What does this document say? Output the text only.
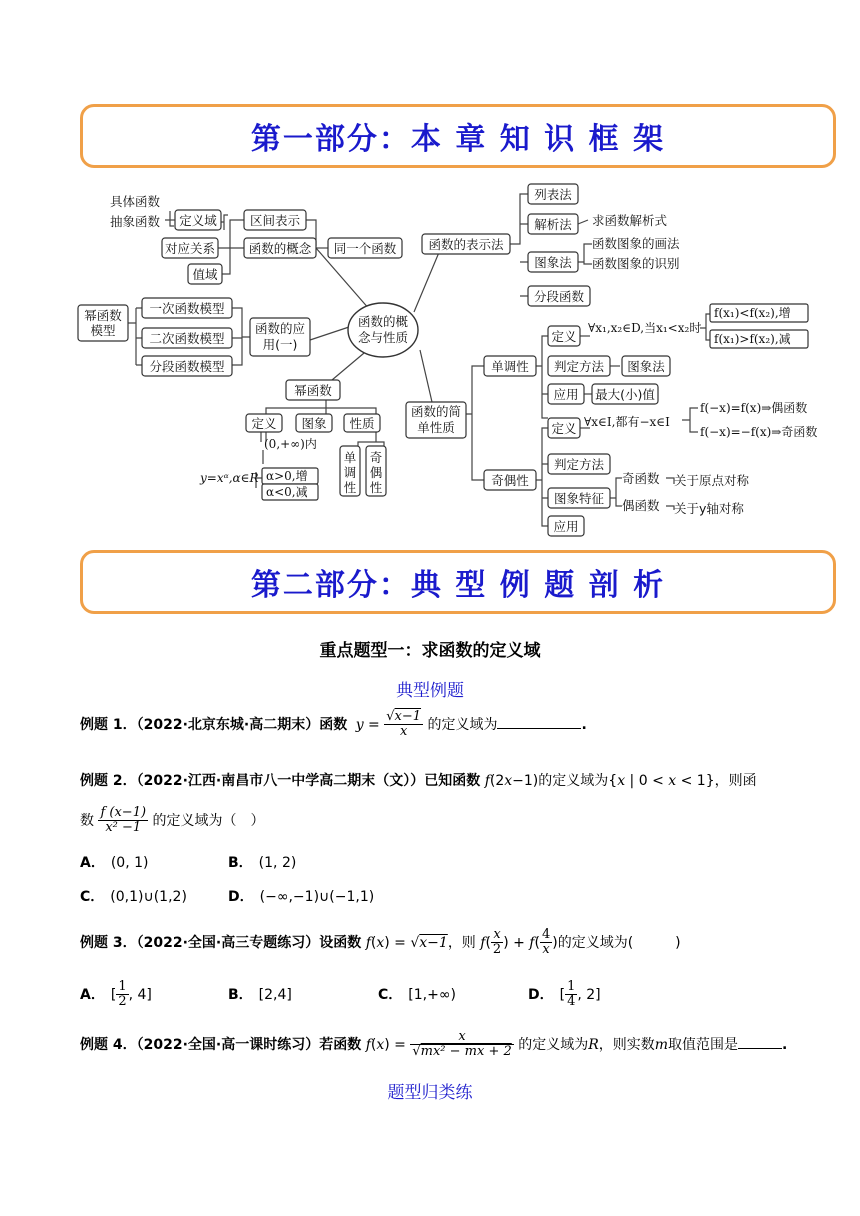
第一部分：本 章 知 识 框 架
函数的概
念与性质
具体函数
抽象函数 定义域	区间表示
对应关系	函数的概念 同一个函数
值域
幂函数
模型
一次函数模型
二次函数模型
分段函数模型
函数的应
用(一)
幂函数
定义 图象 性质
(0,+∞)内
α>0,增
α<0,减
y=xᵅ,α∈R
单
调
性
奇
偶
性
函数的表示法
列表法
解析法 求函数解析式
图象法
函数图象的画法
函数图象的识别
分段函数
函数的简
单性质
单调性
定义
∀x₁,x₂∈D,当x₁<x₂时
f(x₁)<f(x₂),增
f(x₁)>f(x₂),减
判定方法 图象法
应用 最大(小)值
奇偶性
定义 ∀x∈I,都有−x∈I
f(−x)=f(x)⇒偶函数
f(−x)=−f(x)⇒奇函数
判定方法
图象特征
奇函数 关于原点对称
偶函数 关于y轴对称
应用
第二部分：典 型 例 题 剖 析
重点题型一：求函数的定义域
典型例题
例题 1．（2022·北京东城·高二期末）函数 $y = \frac{√x-1}{x}$ 的定义域为	.
例题 2．（2022·江西·南昌市八一中学高二期末（文））已知函数 f(2x−1)的定义域为{x | 0 < x < 1}，则函
数 $\frac{f (x-1)}{\text{x² −1}}$ 的定义域为（　）
A． (0, 1)	B． (1, 2)
C． (0,1)∪(1,2)	D． (−∞,−1)∪(−1,1)
例题 3．（2022·全国·高三专题练习）设函数 f(x) = √x−1，则 $f( \frac{x}{2}$ ) + $f( \frac{4}{x}$ )的定义域为(　　　)
A． [ $\frac{1}{2}$ , 4]	B． [2,4]	C． [1,+∞)	D． [ $\frac{1}{4}$ , 2]
例题 4．（2022·全国·高一课时练习）若函数 $f(x) = \frac{x}{\text{√mx² − mx + 2}}$ 的定义域为R，则实数m取值范围是	.
题型归类练
